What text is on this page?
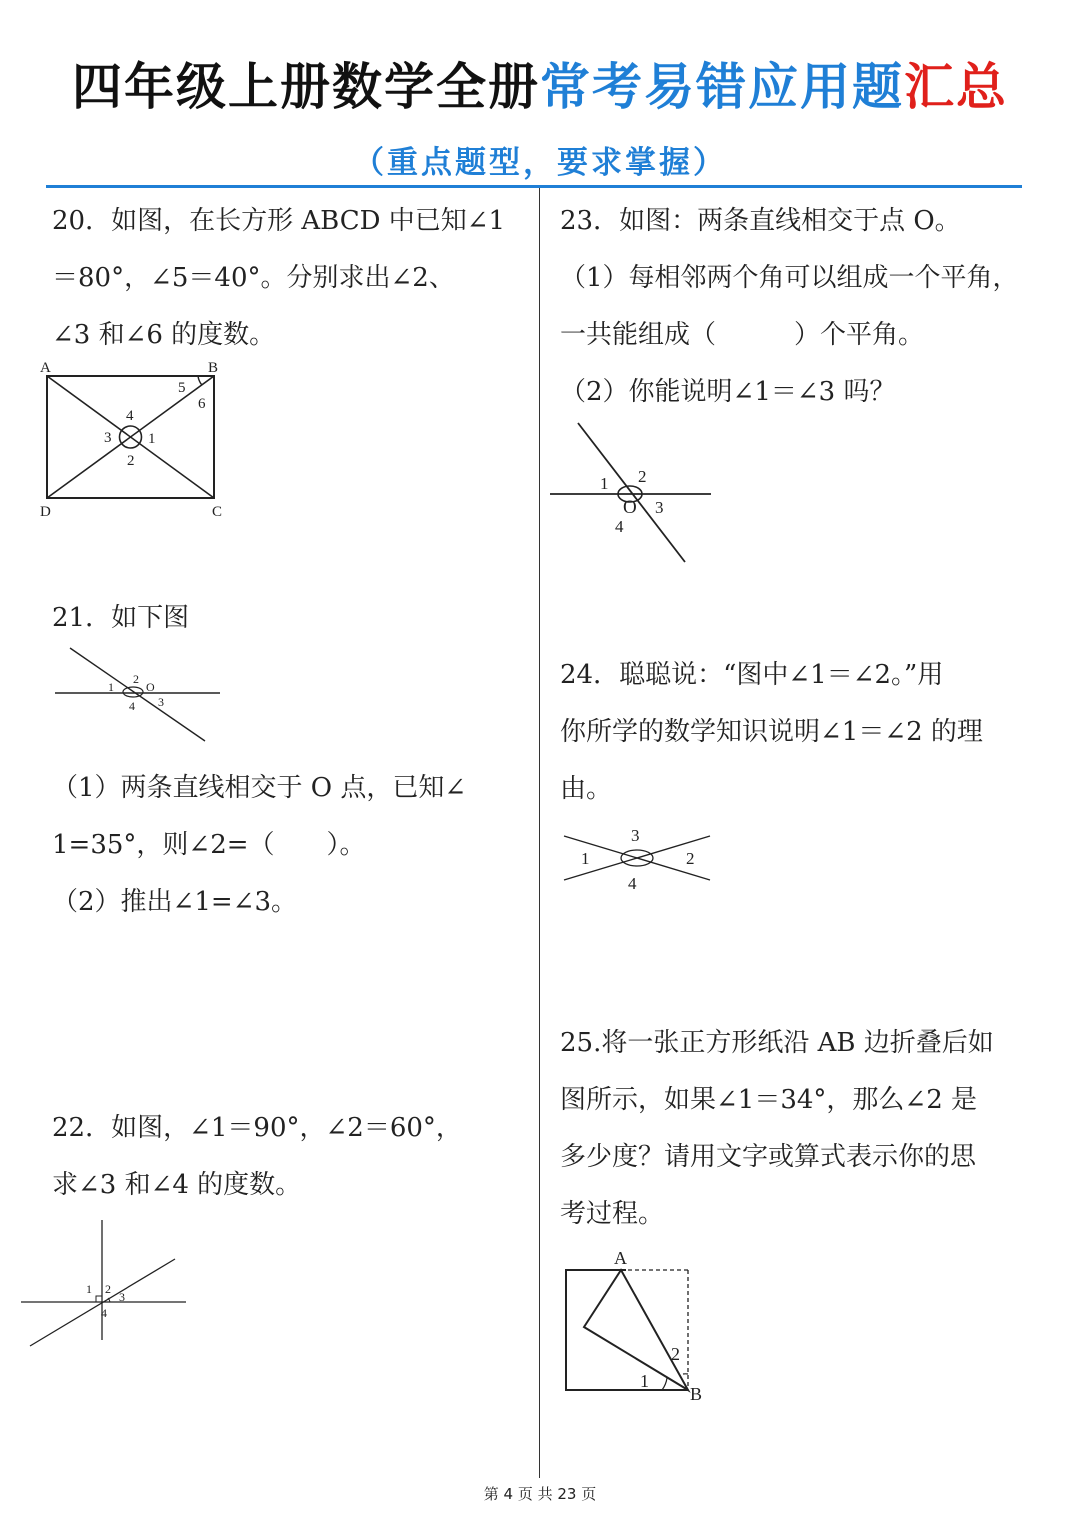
四年级上册数学全册常考易错应用题汇总
（重点题型，要求掌握）

20．如图，在长方形 ABCD 中已知∠1

＝80°，∠5＝40°。分别求出∠2、

∠3 和∠6 的度数。

A	B
C
D
1
2
3
4
5
6

21．如下图

1
2
O
3
4

（1）两条直线相交于 O 点，已知∠

1=35°，则∠2=（　　）。

（2）推出∠1=∠3。

22．如图，∠1＝90°，∠2＝60°，

求∠3 和∠4 的度数。

1 2
3
4

23．如图：两条直线相交于点 O。

（1）每相邻两个角可以组成一个平角，

一共能组成（　　　）个平角。

（2）你能说明∠1＝∠3 吗？

1 2
O 3
4

24．聪聪说：“图中∠1＝∠2。”用

你所学的数学知识说明∠1＝∠2 的理

由。

1	2
3
4

25.将一张正方形纸沿 AB 边折叠后如

图所示，如果∠1＝34°，那么∠2 是

多少度？请用文字或算式表示你的思

考过程。

A
B
1
2
第 4 页 共 23 页
